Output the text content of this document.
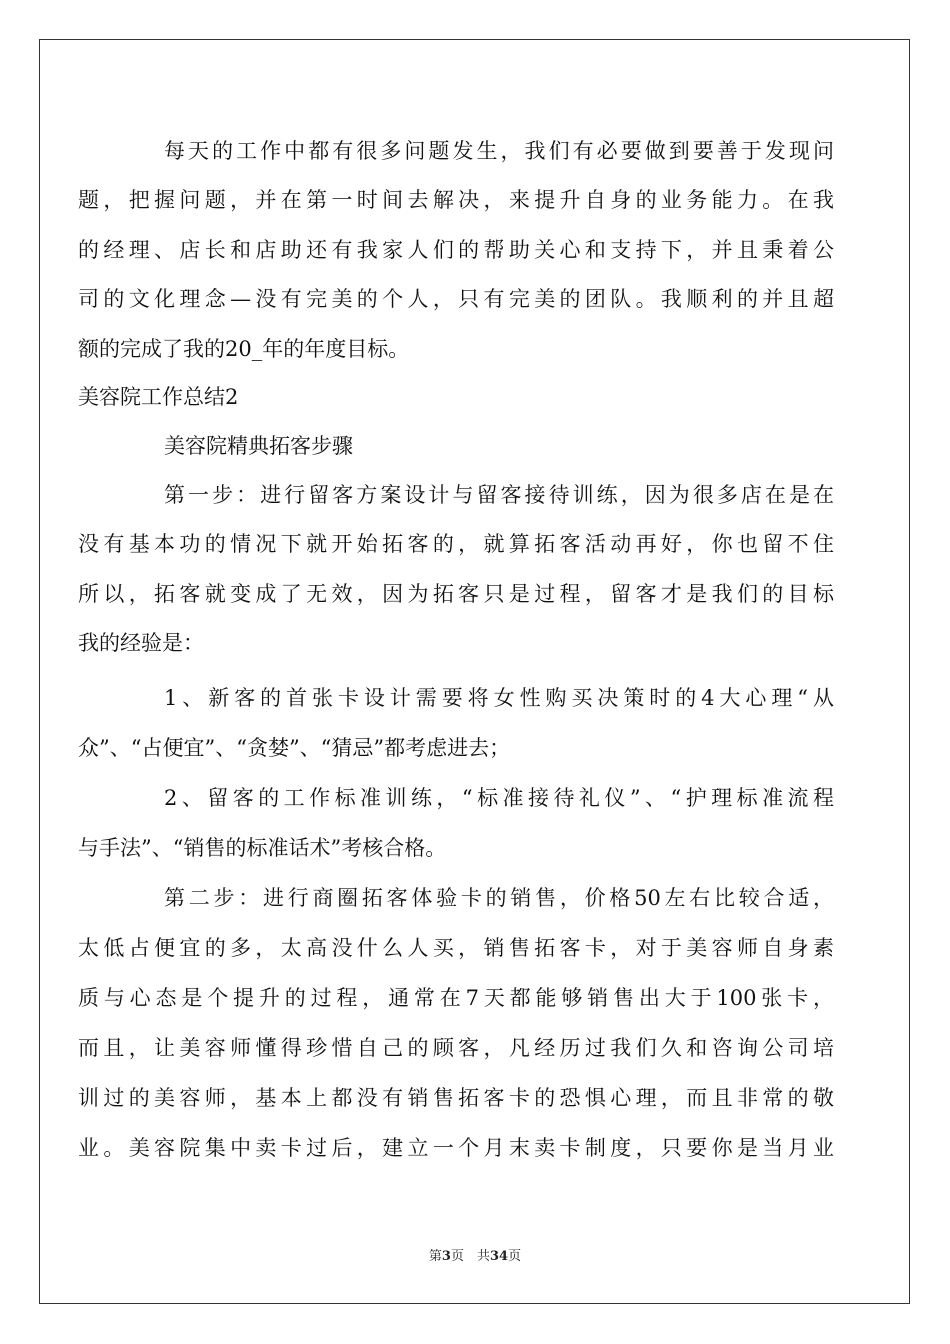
每天的工作中都有很多问题发生，我们有必要做到要善于发现问
题，把握问题，并在第一时间去解决，来提升自身的业务能力。在我
的经理、店长和店助还有我家人们的帮助关心和支持下，并且秉着公
司的文化理念—没有完美的个人，只有完美的团队。我顺利的并且超
额的完成了我的20_年的年度目标。
美容院工作总结2
美容院精典拓客步骤
第一步：进行留客方案设计与留客接待训练，因为很多店在是在
没有基本功的情况下就开始拓客的，就算拓客活动再好，你也留不住
所以，拓客就变成了无效，因为拓客只是过程，留客才是我们的目标
我的经验是：
1、新客的首张卡设计需要将女性购买决策时的4大心理“从
众”、“占便宜”、“贪婪”、“猜忌”都考虑进去；
2、留客的工作标准训练，“标准接待礼仪”、“护理标准流程
与手法”、“销售的标准话术”考核合格。
第二步：进行商圈拓客体验卡的销售，价格50左右比较合适，
太低占便宜的多，太高没什么人买，销售拓客卡，对于美容师自身素
质与心态是个提升的过程，通常在7天都能够销售出大于100张卡，
而且，让美容师懂得珍惜自己的顾客，凡经历过我们久和咨询公司培
训过的美容师，基本上都没有销售拓客卡的恐惧心理，而且非常的敬
业。美容院集中卖卡过后，建立一个月末卖卡制度，只要你是当月业
第3页　共34页
